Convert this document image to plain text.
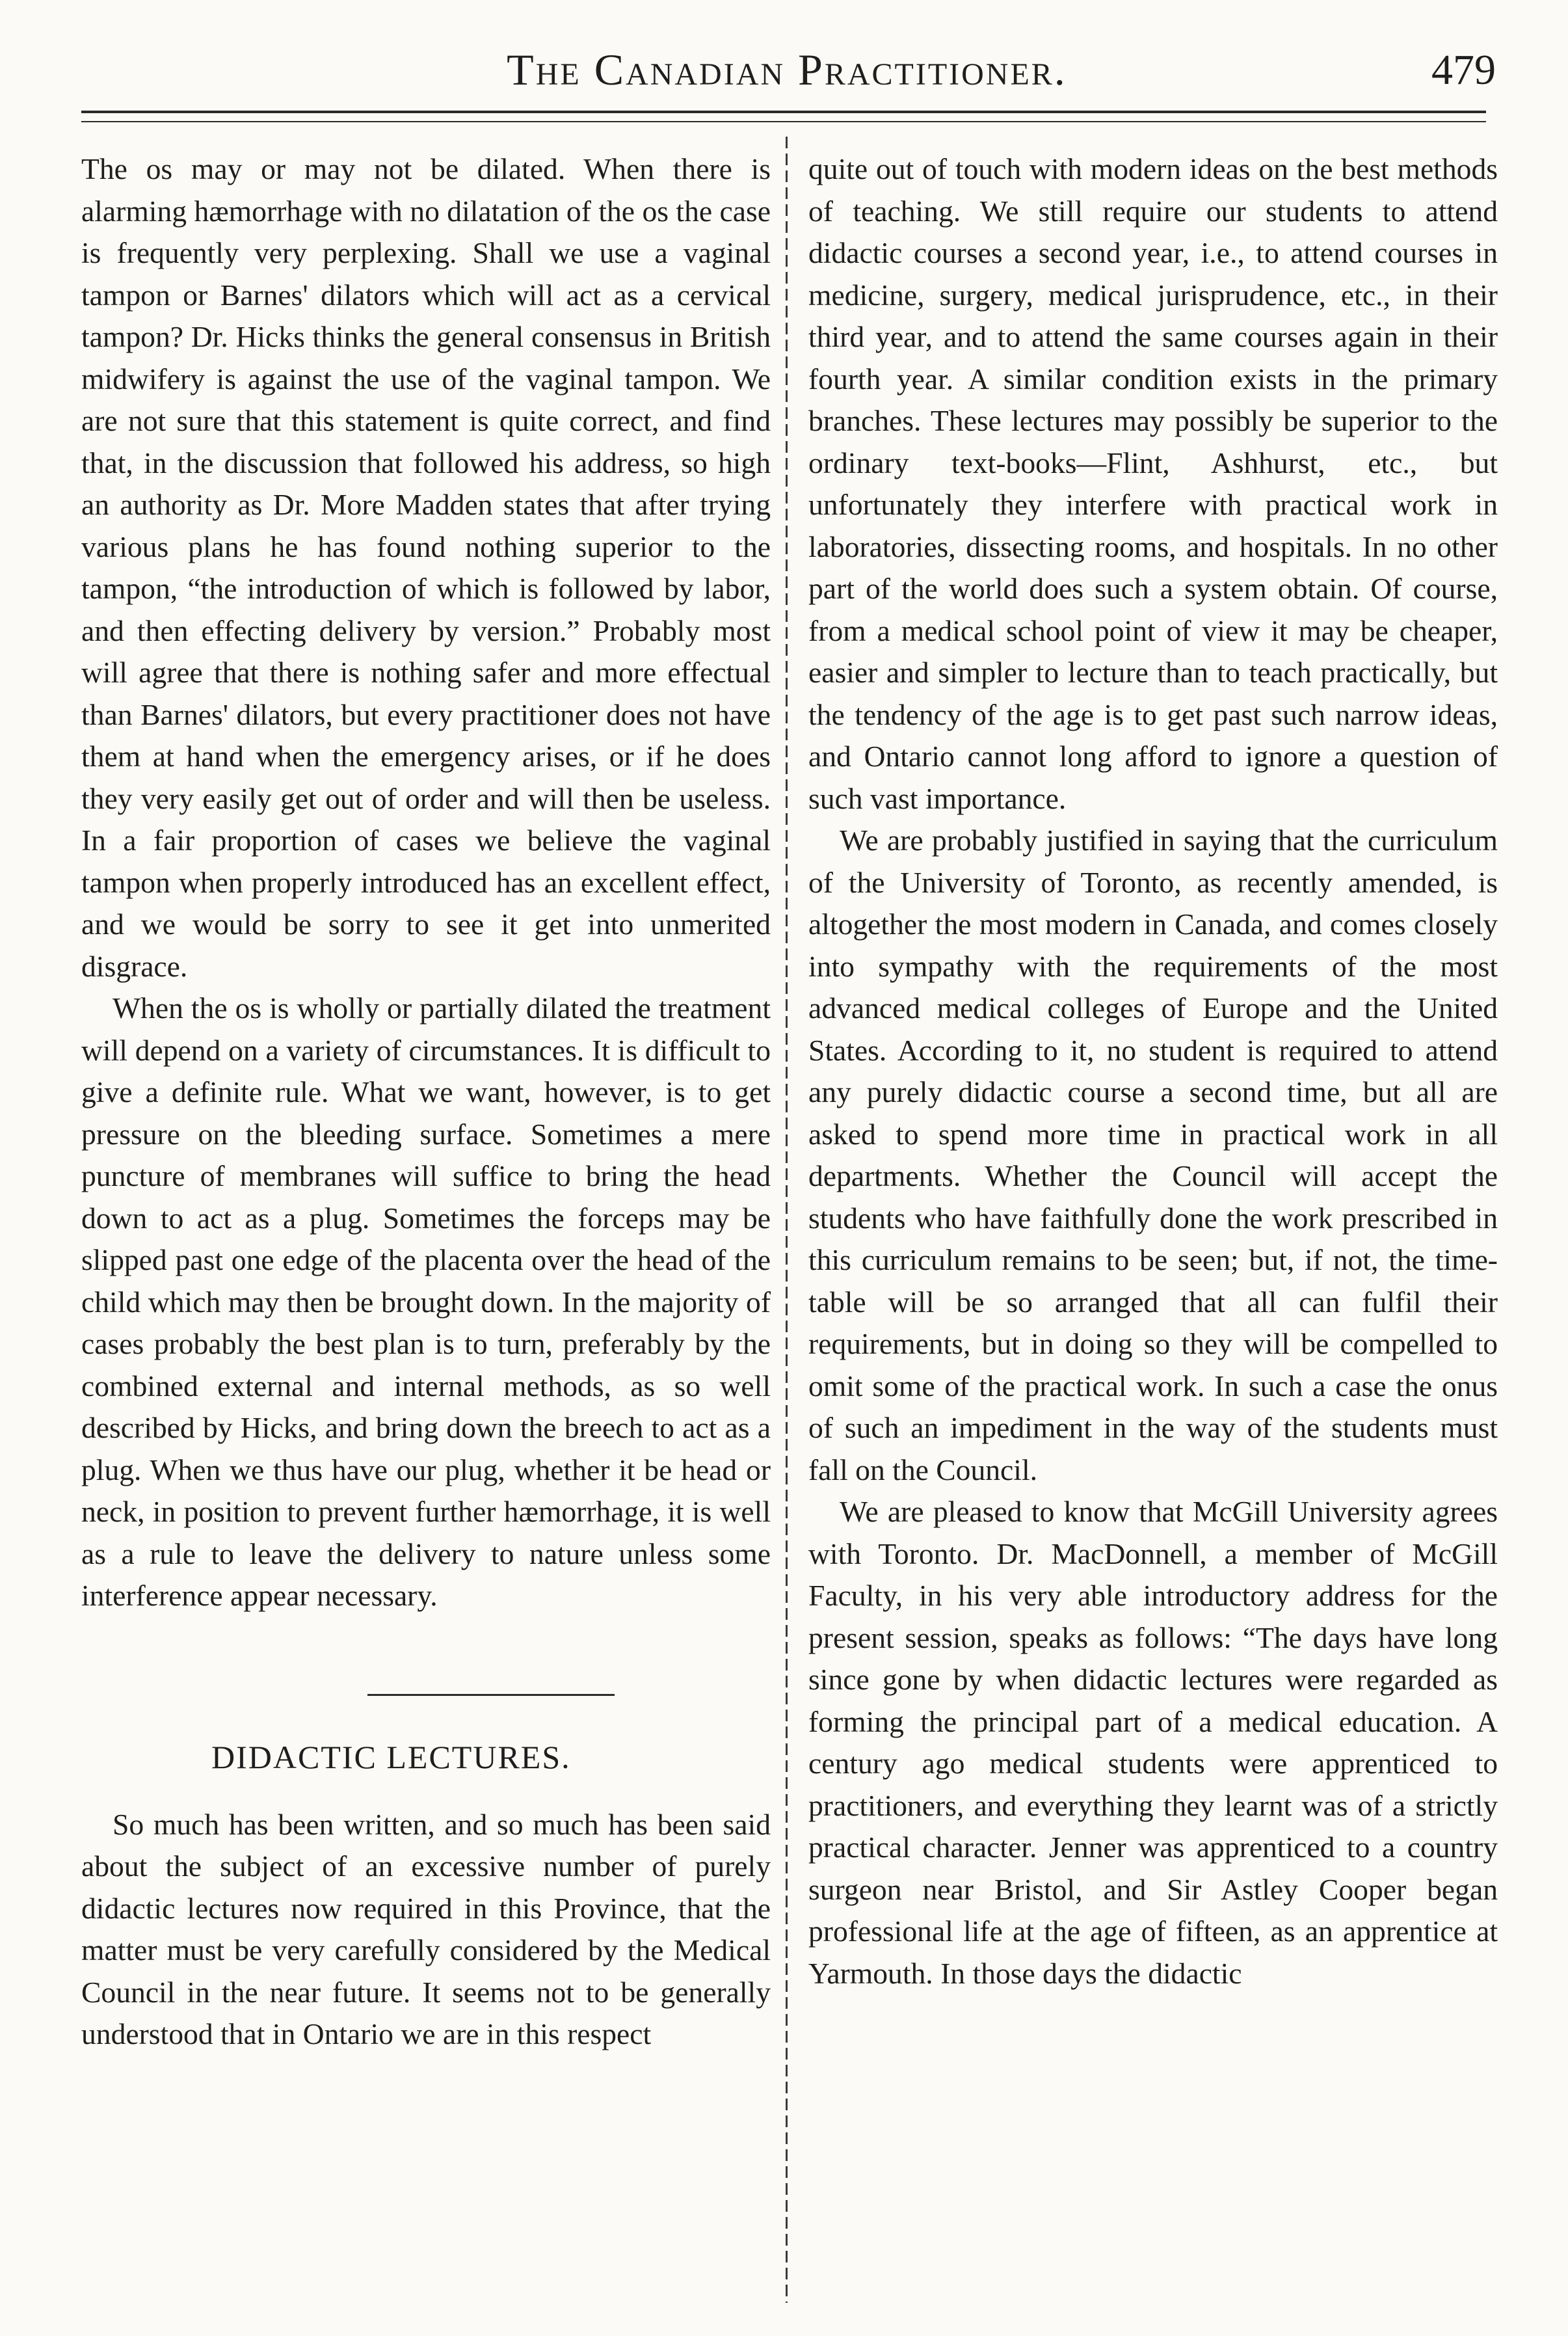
The Canadian Practitioner.	479

The os may or may not be dilated. When there is alarming hæmorrhage with no dilatation of the os the case is frequently very perplexing. Shall we use a vaginal tampon or Barnes' dilators which will act as a cervical tampon? Dr. Hicks thinks the general consensus in British midwifery is against the use of the vaginal tampon. We are not sure that this statement is quite correct, and find that, in the discussion that followed his address, so high an authority as Dr. More Madden states that after trying various plans he has found nothing superior to the tampon, “the introduction of which is followed by labor, and then effecting delivery by version.” Probably most will agree that there is nothing safer and more effectual than Barnes' dilators, but every practitioner does not have them at hand when the emergency arises, or if he does they very easily get out of order and will then be useless. In a fair proportion of cases we believe the vaginal tampon when properly introduced has an excellent effect, and we would be sorry to see it get into unmerited disgrace.

When the os is wholly or partially dilated the treatment will depend on a variety of circumstances. It is difficult to give a definite rule. What we want, however, is to get pressure on the bleeding surface. Sometimes a mere puncture of membranes will suffice to bring the head down to act as a plug. Sometimes the forceps may be slipped past one edge of the placenta over the head of the child which may then be brought down. In the majority of cases probably the best plan is to turn, preferably by the combined external and internal methods, as so well described by Hicks, and bring down the breech to act as a plug. When we thus have our plug, whether it be head or neck, in position to prevent further hæmorrhage, it is well as a rule to leave the delivery to nature unless some interference appear necessary.

DIDACTIC LECTURES.

So much has been written, and so much has been said about the subject of an excessive number of purely didactic lectures now required in this Province, that the matter must be very carefully considered by the Medical Council in the near future. It seems not to be generally understood that in Ontario we are in this respect

quite out of touch with modern ideas on the best methods of teaching. We still require our students to attend didactic courses a second year, i.e., to attend courses in medicine, surgery, medical jurisprudence, etc., in their third year, and to attend the same courses again in their fourth year. A similar condition exists in the primary branches. These lectures may possibly be superior to the ordinary text-books—Flint, Ashhurst, etc., but unfortunately they interfere with practical work in laboratories, dissecting rooms, and hospitals. In no other part of the world does such a system obtain. Of course, from a medical school point of view it may be cheaper, easier and simpler to lecture than to teach practically, but the tendency of the age is to get past such narrow ideas, and Ontario cannot long afford to ignore a question of such vast importance.

We are probably justified in saying that the curriculum of the University of Toronto, as recently amended, is altogether the most modern in Canada, and comes closely into sympathy with the requirements of the most advanced medical colleges of Europe and the United States. According to it, no student is required to attend any purely didactic course a second time, but all are asked to spend more time in practical work in all departments. Whether the Council will accept the students who have faithfully done the work prescribed in this curriculum remains to be seen; but, if not, the time-table will be so arranged that all can fulfil their requirements, but in doing so they will be compelled to omit some of the practical work. In such a case the onus of such an impediment in the way of the students must fall on the Council.

We are pleased to know that McGill University agrees with Toronto. Dr. MacDonnell, a member of McGill Faculty, in his very able introductory address for the present session, speaks as follows: “The days have long since gone by when didactic lectures were regarded as forming the principal part of a medical education. A century ago medical students were apprenticed to practitioners, and everything they learnt was of a strictly practical character. Jenner was apprenticed to a country surgeon near Bristol, and Sir Astley Cooper began professional life at the age of fifteen, as an apprentice at Yarmouth. In those days the didactic
